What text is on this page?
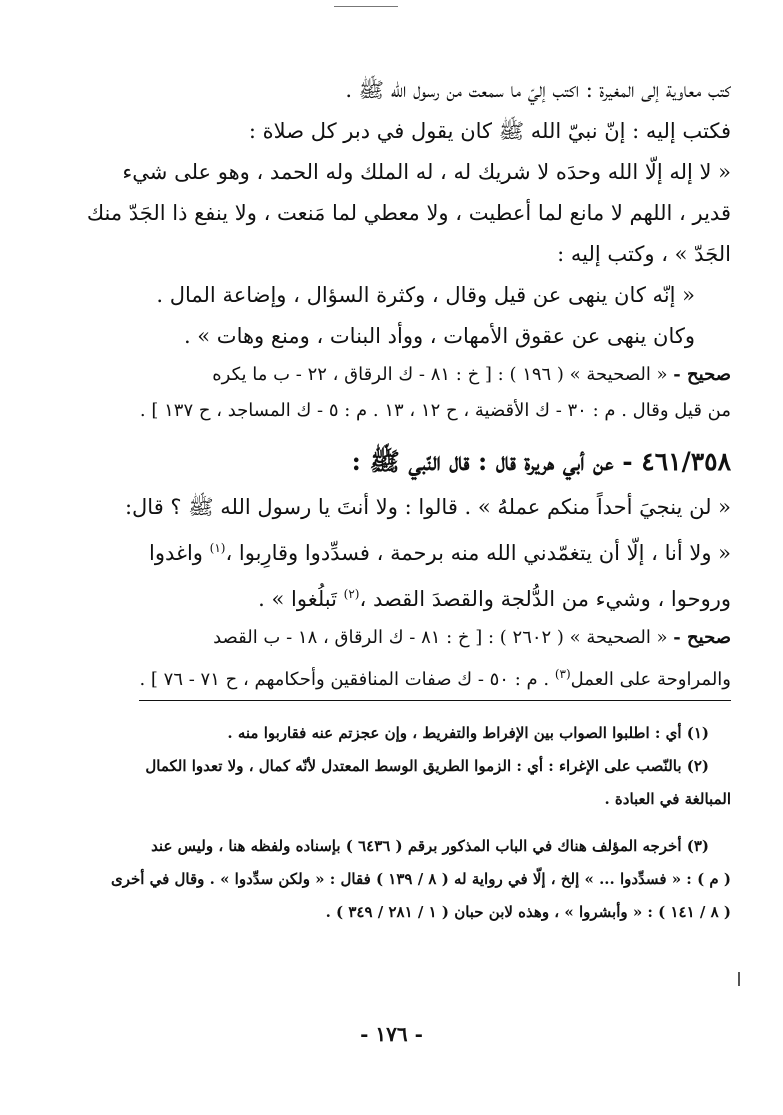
كتب معاوية إلى المغيرة : اكتب إليّ ما سمعت من رسول الله ﷺ .
فكتب إليه : إنّ نبيّ الله ﷺ كان يقول في دبر كل صلاة :
« لا إله إلّا الله وحدَه لا شريك له ، له الملك وله الحمد ، وهو على شيء
قدير ، اللهم لا مانع لما أعطيت ، ولا معطي لما مَنعت ، ولا ينفع ذا الجَدّ منك
الجَدّ » ، وكتب إليه :
« إنّه كان ينهى عن قيل وقال ، وكثرة السؤال ، وإضاعة المال .
وكان ينهى عن عقوق الأمهات ، ووأد البنات ، ومنع وهات » .
صحيح - « الصحيحة » ( ١٩٦ ) : [ خ : ٨١ - ك الرقاق ، ٢٢ - ب ما يكره
من قيل وقال . م : ٣٠ - ك الأقضية ، ح ١٢ ، ١٣ . م : ٥ - ك المساجد ، ح ١٣٧ ] .
٤٦١/٣٥٨ - عن أبي هريرة قال : قال النّبي ﷺ :
« لن ينجيَ أحداً منكم عملهُ » . قالوا : ولا أنتَ يا رسول الله ﷺ ؟ قال:
« ولا أنا ، إلّا أن يتغمّدني الله منه برحمة ، فسدِّدوا وقارِبوا ،$^{(١)}$ واغدوا
وروحوا ، وشيء من الدُّلجة والقصدَ القصد ،$^{(٢)}$ تَبلُغوا » .
صحيح - « الصحيحة » ( ٢٦٠٢ ) : [ خ : ٨١ - ك الرقاق ، ١٨ - ب القصد
والمراوحة على العمل$^{(٣)}$ . م : ٥٠ - ك صفات المنافقين وأحكامهم ، ح ٧١ - ٧٦ ] .
(١) أي : اطلبوا الصواب بين الإفراط والتفريط ، وإن عجزتم عنه فقاربوا منه .
(٢) بالنّصب على الإغراء : أي : الزموا الطريق الوسط المعتدل لأنّه كمال ، ولا تعدوا الكمال
المبالغة في العبادة .
(٣) أخرجه المؤلف هناك في الباب المذكور برقم ( ٦٤٣٦ ) بإسناده ولفظه هنا ، وليس عند
( م ) : « فسدِّدوا ... » إلخ ، إلّا في رواية له ( ٨ / ١٣٩ ) فقال : « ولكن سدِّدوا » . وقال في أخرى
( ٨ / ١٤١ ) : « وأبشروا » ، وهذه لابن حبان ( ١ / ٢٨١ / ٣٤٩ ) .
- ١٧٦ -
